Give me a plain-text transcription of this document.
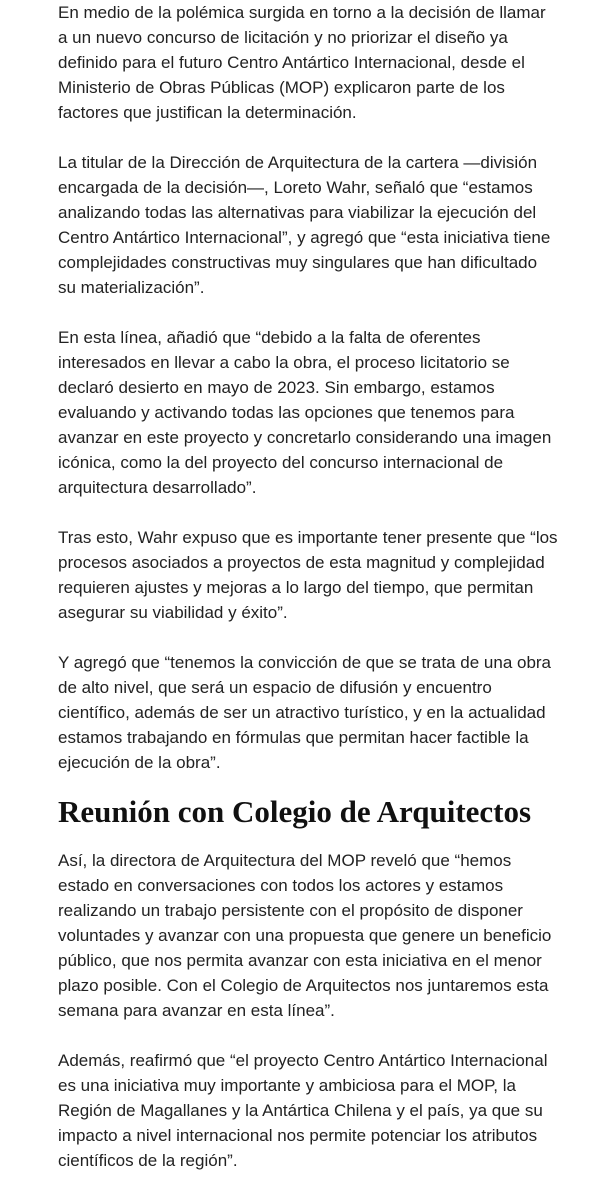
En medio de la polémica surgida en torno a la decisión de llamar a un nuevo concurso de licitación y no priorizar el diseño ya definido para el futuro Centro Antártico Internacional, desde el Ministerio de Obras Públicas (MOP) explicaron parte de los factores que justifican la determinación.

La titular de la Dirección de Arquitectura de la cartera —división encargada de la decisión—, Loreto Wahr, señaló que “estamos analizando todas las alternativas para viabilizar la ejecución del Centro Antártico Internacional”, y agregó que “esta iniciativa tiene complejidades constructivas muy singulares que han dificultado su materialización”.

En esta línea, añadió que “debido a la falta de oferentes interesados en llevar a cabo la obra, el proceso licitatorio se declaró desierto en mayo de 2023. Sin embargo, estamos evaluando y activando todas las opciones que tenemos para avanzar en este proyecto y concretarlo considerando una imagen icónica, como la del proyecto del concurso internacional de arquitectura desarrollado”.

Tras esto, Wahr expuso que es importante tener presente que “los procesos asociados a proyectos de esta magnitud y complejidad requieren ajustes y mejoras a lo largo del tiempo, que permitan asegurar su viabilidad y éxito”.

Y agregó que “tenemos la convicción de que se trata de una obra de alto nivel, que será un espacio de difusión y encuentro científico, además de ser un atractivo turístico, y en la actualidad estamos trabajando en fórmulas que permitan hacer factible la ejecución de la obra”.

Reunión con Colegio de Arquitectos

Así, la directora de Arquitectura del MOP reveló que “hemos estado en conversaciones con todos los actores y estamos realizando un trabajo persistente con el propósito de disponer voluntades y avanzar con una propuesta que genere un beneficio público, que nos permita avanzar con esta iniciativa en el menor plazo posible. Con el Colegio de Arquitectos nos juntaremos esta semana para avanzar en esta línea”.

Además, reafirmó que “el proyecto Centro Antártico Internacional es una iniciativa muy importante y ambiciosa para el MOP, la Región de Magallanes y la Antártica Chilena y el país, ya que su impacto a nivel internacional nos permite potenciar los atributos científicos de la región”.
